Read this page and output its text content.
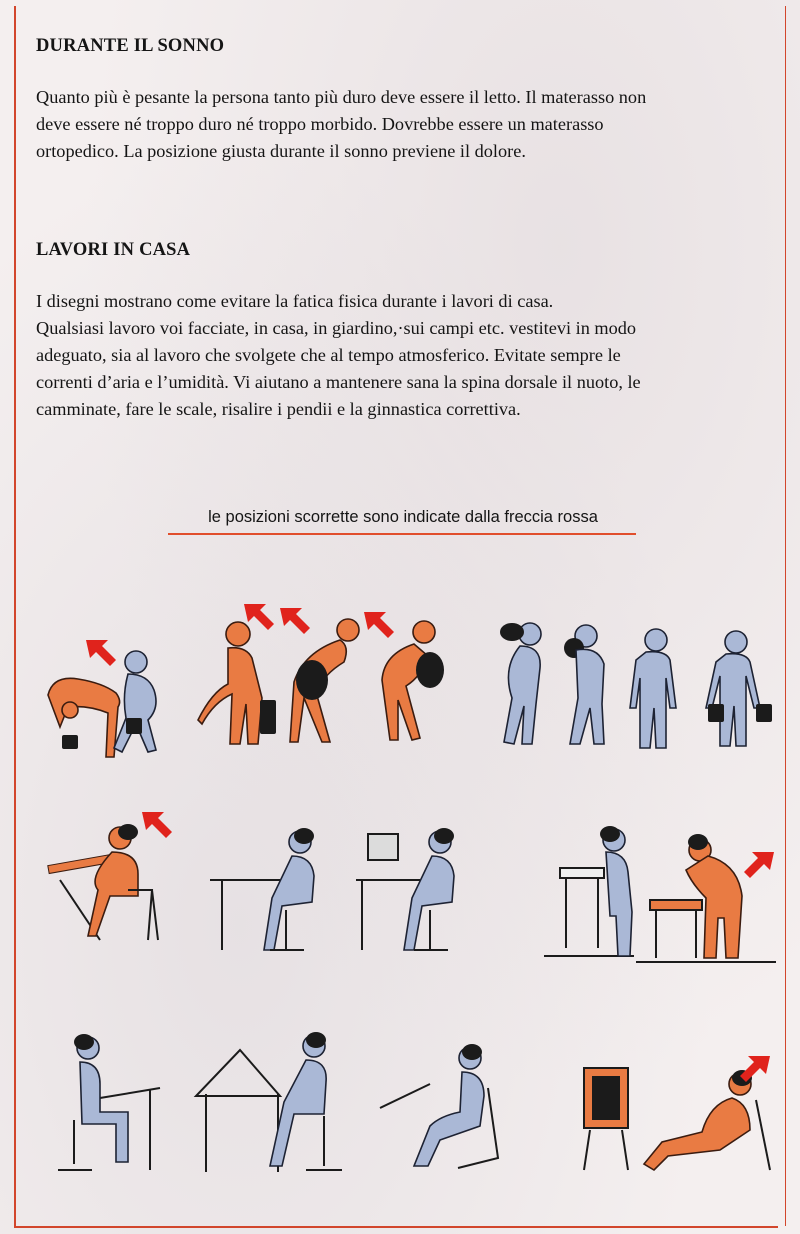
DURANTE IL SONNO
Quanto più è pesante la persona tanto più duro deve essere il letto. Il materasso non
deve essere né troppo duro né troppo morbido. Dovrebbe essere un materasso
ortopedico. La posizione giusta durante il sonno previene il dolore.
LAVORI IN CASA
I disegni mostrano come evitare la fatica fisica durante i lavori di casa.
Qualsiasi lavoro voi facciate, in casa, in giardino,·sui campi etc. vestitevi in modo
adeguato, sia al lavoro che svolgete che al tempo atmosferico. Evitate sempre le
correnti d’aria e l’umidità. Vi aiutano a mantenere sana la spina dorsale il nuoto, le
camminate, fare le scale, risalire i pendii e la ginnastica correttiva.
le posizioni scorrette sono indicate dalla freccia rossa
